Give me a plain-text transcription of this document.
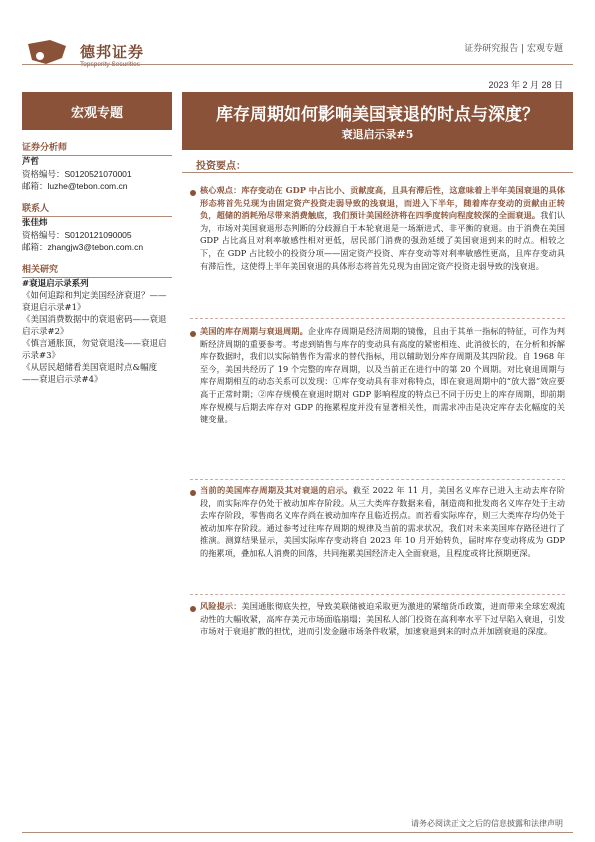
德邦证券	证券研究报告 | 宏观专题
2023 年 2 月 28 日
宏观专题
证券分析师
芦哲
资格编号：S0120521070001
邮箱：luzhe@tebon.com.cn
联系人
张佳炜
资格编号：S0120121090005
邮箱：zhangjw3@tebon.com.cn
相关研究
#衰退启示录系列
《如何追踪和判定美国经济衰退？——衰退启示录#1》
《美国消费数据中的衰退密码——衰退启示录#2》
《慎言通胀顶，勿觉衰退浅——衰退启示录#3》
《从居民超储看美国衰退时点&幅度——衰退启示录#4》
库存周期如何影响美国衰退的时点与深度？
衰退启示录#5
投资要点：
核心观点：库存变动在 GDP 中占比小、贡献度高，且具有滞后性，这意味着上半年美国衰退的具体形态将首先兑现为由固定资产投资走弱导致的浅衰退，而进入下半年，随着库存变动的贡献由正转负，超储的消耗殆尽带来消费触底，我们预计美国经济将在四季度转向程度较深的全面衰退。我们认为，市场对美国衰退形态判断的分歧源自于本轮衰退是一场渐进式、非平衡的衰退。由于消费在美国 GDP 占比高且对利率敏感性相对更低，居民部门消费的强劲延缓了美国衰退到来的时点。相较之下，在 GDP 占比较小的投资分项——固定资产投资、库存变动等对利率敏感性更高，且库存变动具有滞后性，这使得上半年美国衰退的具体形态将首先兑现为由固定资产投资走弱导致的浅衰退。
美国的库存周期与衰退周期。企业库存周期是经济周期的镜像，且由于其单一指标的特征，可作为判断经济周期的重要参考。考虑到销售与库存的变动具有高度的紧密相连、此消彼长的，在分析和拆解库存数据时，我们以实际销售作为需求的替代指标，用以辅助划分库存周期及其四阶段。自 1968 年至今，美国共经历了 19 个完整的库存周期，以及当前正在进行中的第 20 个周期。对比衰退周期与库存周期相互的动态关系可以发现：①库存变动具有非对称特点，即在衰退周期中的“放大器”效应要高于正常时期；②库存规模在衰退时期对 GDP 影响程度的特点已不同于历史上的库存周期，即前期库存规模与后期去库存对 GDP 的拖累程度并没有显著相关性，而需求冲击是决定库存去化幅度的关键变量。
当前的美国库存周期及其对衰退的启示。截至 2022 年 11 月，美国名义库存已进入主动去库存阶段，而实际库存仍处于被动加库存阶段。从三大类库存数据来看，制造商和批发商名义库存处于主动去库存阶段，零售商名义库存尚在被动加库存且临近拐点。而若看实际库存，则三大类库存均仍处于被动加库存阶段。通过参考过往库存周期的规律及当前的需求状况，我们对未来美国库存路径进行了推演。测算结果显示，美国实际库存变动将自 2023 年 10 月开始转负，届时库存变动将成为 GDP 的拖累项，叠加私人消费的回落，共同拖累美国经济走入全面衰退，且程度或将比预期更深。
风险提示：美国通胀彻底失控，导致美联储被迫采取更为激进的紧缩货币政策，进而带来全球宏观流动性的大幅收紧，高库存美元市场面临崩塌；美国私人部门投资在高利率水平下过早陷入衰退，引发市场对于衰退扩散的担忧，进而引发金融市场条件收紧，加速衰退到来的时点并加剧衰退的深度。
请务必阅读正文之后的信息披露和法律声明
